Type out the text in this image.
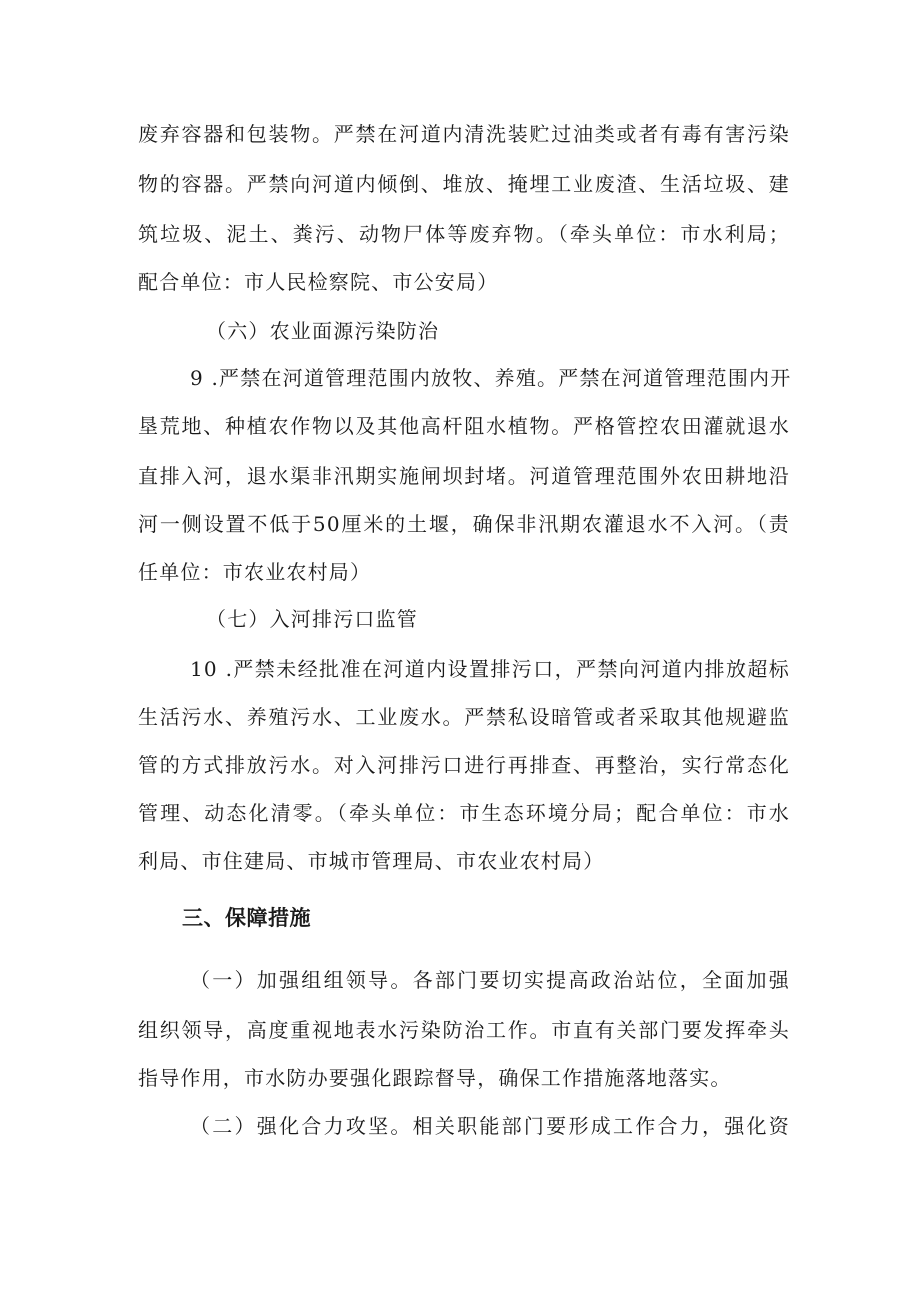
废弃容器和包装物。严禁在河道内清洗装贮过油类或者有毒有害污染
物的容器。严禁向河道内倾倒、堆放、掩埋工业废渣、生活垃圾、建
筑垃圾、泥土、粪污、动物尸体等废弃物。（牵头单位：市水利局；
配合单位：市人民检察院、市公安局）
（六）农业面源污染防治
9 .严禁在河道管理范围内放牧、养殖。严禁在河道管理范围内开
垦荒地、种植农作物以及其他高杆阻水植物。严格管控农田灌就退水
直排入河，退水渠非汛期实施闸坝封堵。河道管理范围外农田耕地沿
河一侧设置不低于50厘米的土堰，确保非汛期农灌退水不入河。（责
任单位：市农业农村局）
（七）入河排污口监管
10 .严禁未经批准在河道内设置排污口，严禁向河道内排放超标
生活污水、养殖污水、工业废水。严禁私设暗管或者采取其他规避监
管的方式排放污水。对入河排污口进行再排查、再整治，实行常态化
管理、动态化清零。（牵头单位：市生态环境分局；配合单位：市水
利局、市住建局、市城市管理局、市农业农村局）
三、保障措施
（一）加强组组领导。各部门要切实提高政治站位，全面加强
组织领导，高度重视地表水污染防治工作。市直有关部门要发挥牵头
指导作用，市水防办要强化跟踪督导，确保工作措施落地落实。
（二）强化合力攻坚。相关职能部门要形成工作合力，强化资
